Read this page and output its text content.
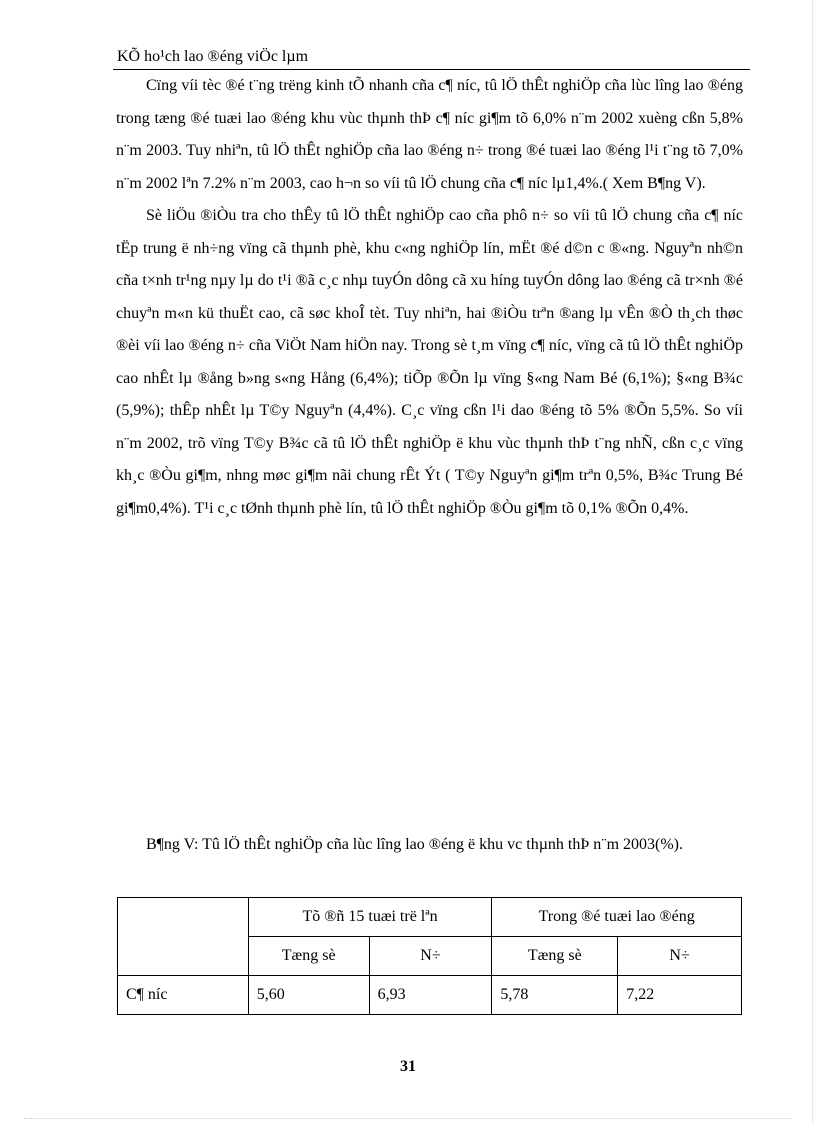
KÕ ho¹ch lao ®éng viÖc lµm

Cïng víi tèc ®é t¨ng trëng kinh tÕ nhanh cña c¶ níc, tû lÖ thÊt nghiÖp cña lùc lîng lao ®éng trong tæng ®é tuæi lao ®éng khu vùc thµnh thÞ c¶ níc gi¶m tõ 6,0% n¨m 2002 xuèng cßn 5,8% n¨m 2003. Tuy nhiªn, tû lÖ thÊt nghiÖp cña lao ®éng n÷ trong ®é tuæi lao ®éng l¹i t¨ng tõ 7,0% n¨m 2002 lªn 7.2% n¨m 2003, cao h¬n so víi tû lÖ chung cña c¶ níc lµ1,4%.( Xem B¶ng V).

Sè liÖu ®iÒu tra cho thÊy tû lÖ thÊt nghiÖp cao cña phô n÷ so víi tû lÖ chung cña c¶ níc tËp trung ë nh÷ng vïng cã thµnh phè, khu c«ng nghiÖp lín, mËt ®é d©n c ®«ng. Nguyªn nh©n cña t×nh tr¹ng nµy lµ do t¹i ®ã c¸c nhµ tuyÓn dông cã xu híng tuyÓn dông lao ®éng cã tr×nh ®é chuyªn m«n kü thuËt cao, cã søc khoÎ tèt. Tuy nhiªn, hai ®iÒu trªn ®ang lµ vÊn ®Ò th¸ch thøc ®èi víi lao ®éng n÷ cña ViÖt Nam hiÖn nay. Trong sè t¸m vïng c¶ níc, vïng cã tû lÖ thÊt nghiÖp cao nhÊt lµ ®ång b»ng s«ng Hång (6,4%); tiÕp ®Õn lµ vïng §«ng Nam Bé (6,1%); §«ng B¾c (5,9%); thÊp nhÊt lµ T©y Nguyªn (4,4%). C¸c vïng cßn l¹i dao ®éng tõ 5% ®Õn 5,5%. So víi n¨m 2002, trõ vïng T©y B¾c cã tû lÖ thÊt nghiÖp ë khu vùc thµnh thÞ t¨ng nhÑ, cßn c¸c vïng kh¸c ®Òu gi¶m, nhng møc gi¶m nãi chung rÊt Ýt ( T©y Nguyªn gi¶m trªn 0,5%, B¾c Trung Bé gi¶m0,4%). T¹i c¸c tØnh thµnh phè lín, tû lÖ thÊt nghiÖp ®Òu gi¶m tõ 0,1% ®Õn 0,4%.

B¶ng V: Tû lÖ thÊt nghiÖp cña lùc lîng lao ®éng ë khu vc thµnh thÞ n¨m 2003(%).

	Tõ ®ñ 15 tuæi trë lªn		Trong ®é tuæi lao ®éng	
	Tæng sè	N÷	Tæng sè	N÷
C¶ níc	5,60	6,93	5,78	7,22
31
